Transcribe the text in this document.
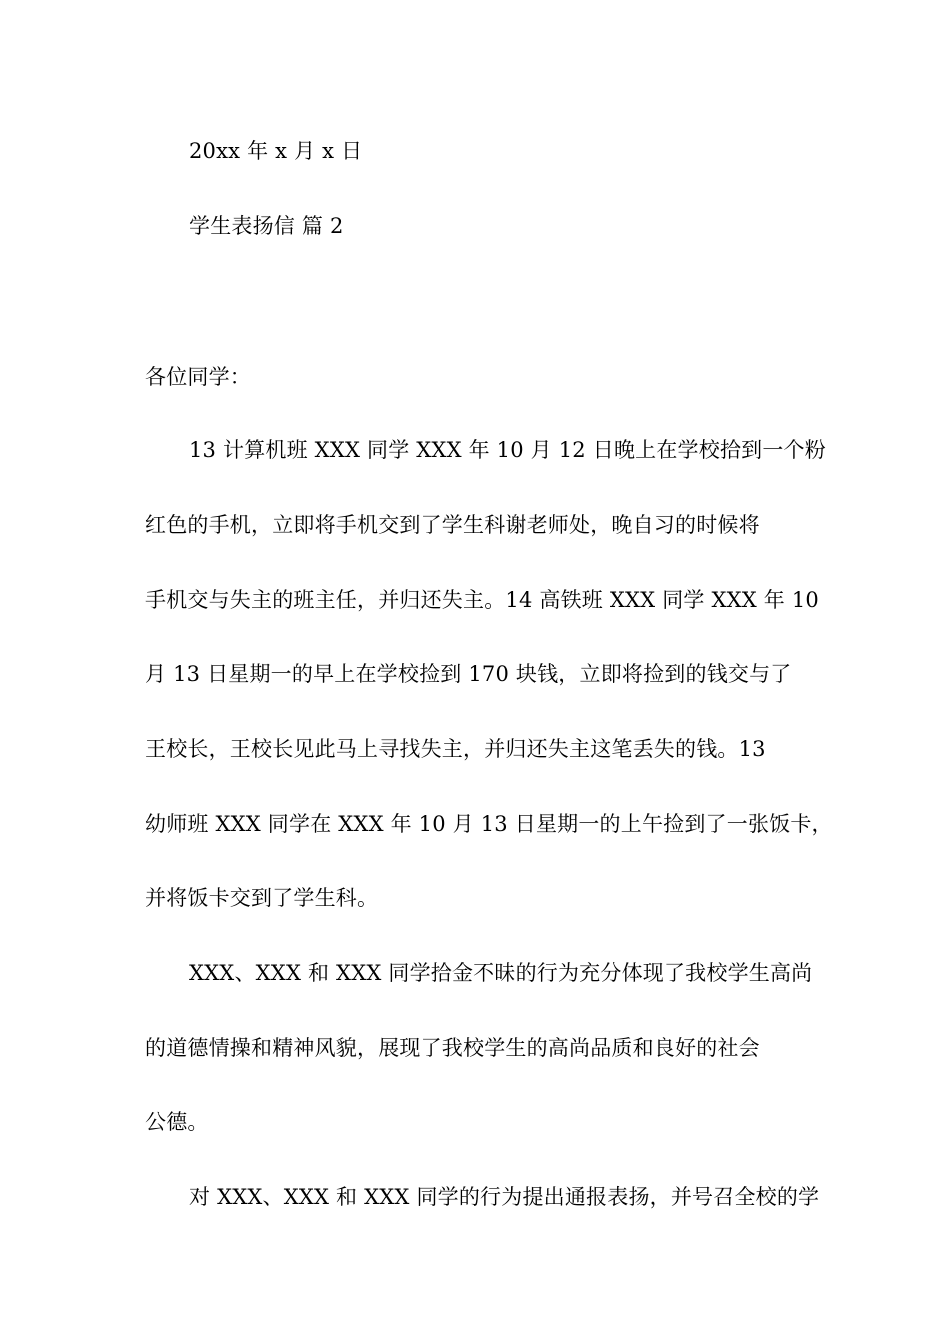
20xx 年 x 月 x 日
学生表扬信 篇 2
各位同学：
13 计算机班 XXX 同学 XXX 年 10 月 12 日晚上在学校拾到一个粉
红色的手机，立即将手机交到了学生科谢老师处，晚自习的时候将
手机交与失主的班主任，并归还失主。14 高铁班 XXX 同学 XXX 年 10
月 13 日星期一的早上在学校捡到 170 块钱，立即将捡到的钱交与了
王校长，王校长见此马上寻找失主，并归还失主这笔丢失的钱。13
幼师班 XXX 同学在 XXX 年 10 月 13 日星期一的上午捡到了一张饭卡，
并将饭卡交到了学生科。
XXX、XXX 和 XXX 同学拾金不昧的行为充分体现了我校学生高尚
的道德情操和精神风貌，展现了我校学生的高尚品质和良好的社会
公德。
对 XXX、XXX 和 XXX 同学的行为提出通报表扬，并号召全校的学
